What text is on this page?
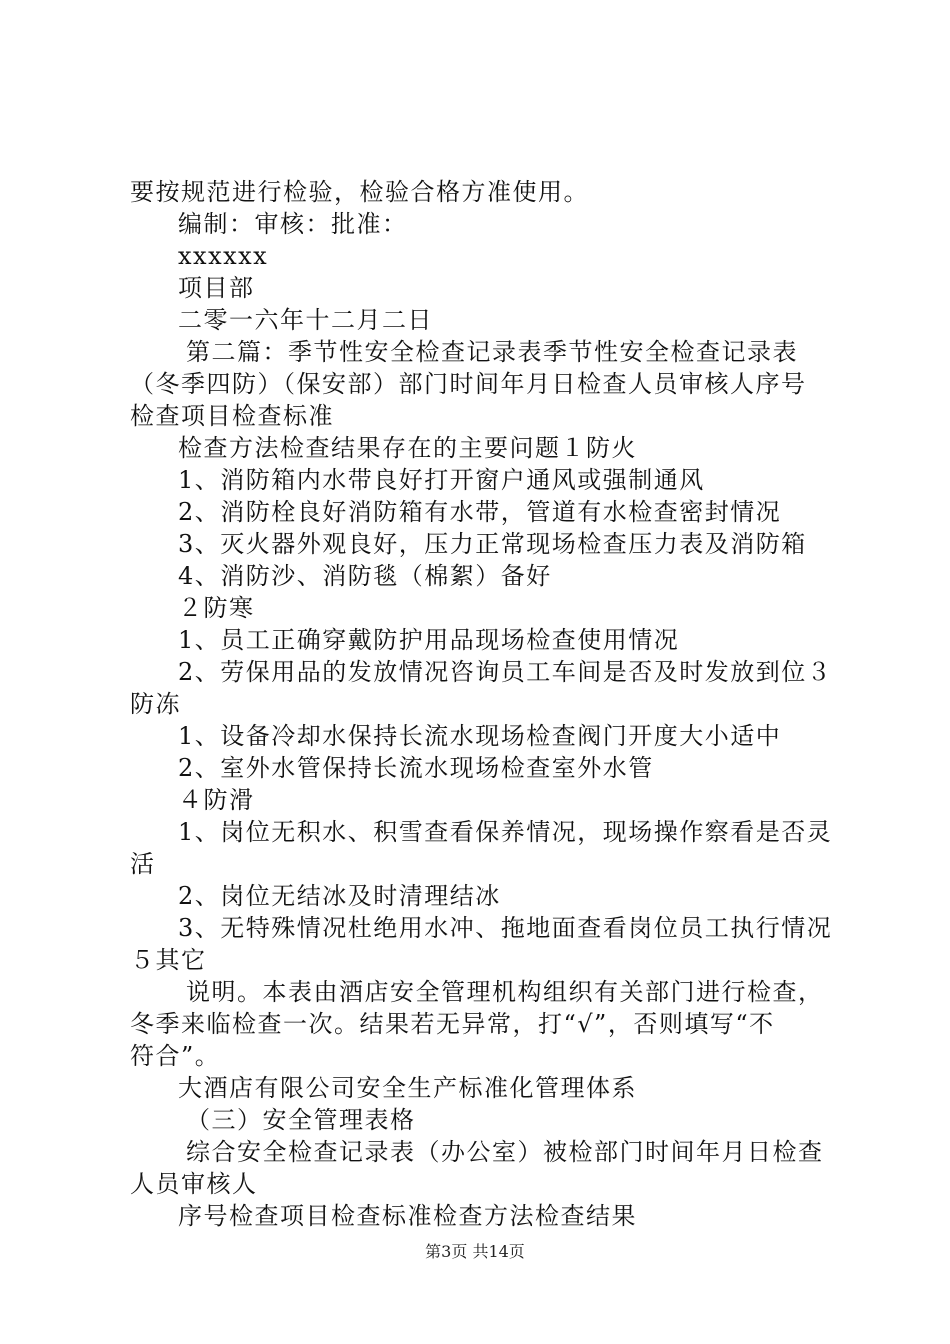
要按规范进行检验，检验合格方准使用。
编制：审核：批准：
xxxxxx
项目部
二零一六年十二月二日
第二篇：季节性安全检查记录表季节性安全检查记录表
（冬季四防）（保安部）部门时间年月日检查人员审核人序号
检查项目检查标准
检查方法检查结果存在的主要问题１防火
1、消防箱内水带良好打开窗户通风或强制通风
2、消防栓良好消防箱有水带，管道有水检查密封情况
3、灭火器外观良好，压力正常现场检查压力表及消防箱
4、消防沙、消防毯（棉絮）备好
２防寒
1、员工正确穿戴防护用品现场检查使用情况
2、劳保用品的发放情况咨询员工车间是否及时发放到位３
防冻
1、设备冷却水保持长流水现场检查阀门开度大小适中
2、室外水管保持长流水现场检查室外水管
４防滑
1、岗位无积水、积雪查看保养情况，现场操作察看是否灵
活
2、岗位无结冰及时清理结冰
3、无特殊情况杜绝用水冲、拖地面查看岗位员工执行情况
５其它
说明。本表由酒店安全管理机构组织有关部门进行检查，
冬季来临检查一次。结果若无异常，打“√”，否则填写“不
符合”。
大酒店有限公司安全生产标准化管理体系
（三）安全管理表格
综合安全检查记录表（办公室）被检部门时间年月日检查
人员审核人
序号检查项目检查标准检查方法检查结果
第3页 共14页
